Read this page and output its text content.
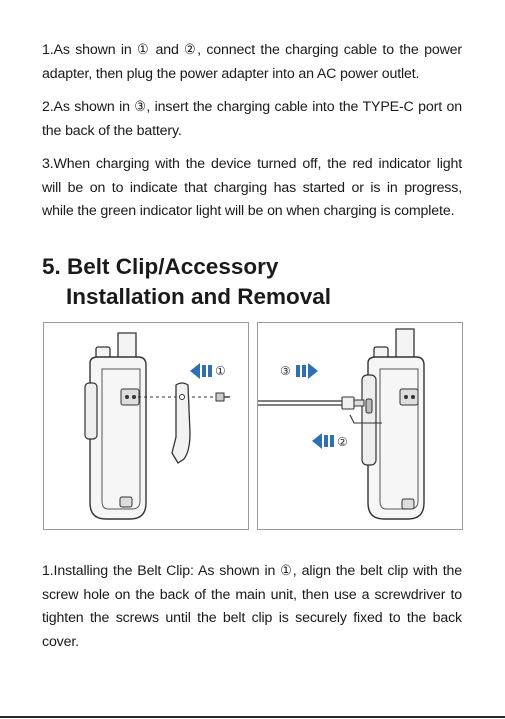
1.As shown in ① and ②, connect the charging cable to the power adapter, then plug the power adapter into an AC power outlet.
2.As shown in ③, insert the charging cable into the TYPE-C port on the back of the battery.
3.When charging with the device turned off, the red indicator light will be on to indicate that charging has started or is in progress, while the green indicator light will be on when charging is complete.
5. Belt Clip/Accessory
Installation and Removal
①	③
②
1.Installing the Belt Clip: As shown in ①, align the belt clip with the screw hole on the back of the main unit, then use a screwdriver to tighten the screws until the belt clip is securely fixed to the back cover.
